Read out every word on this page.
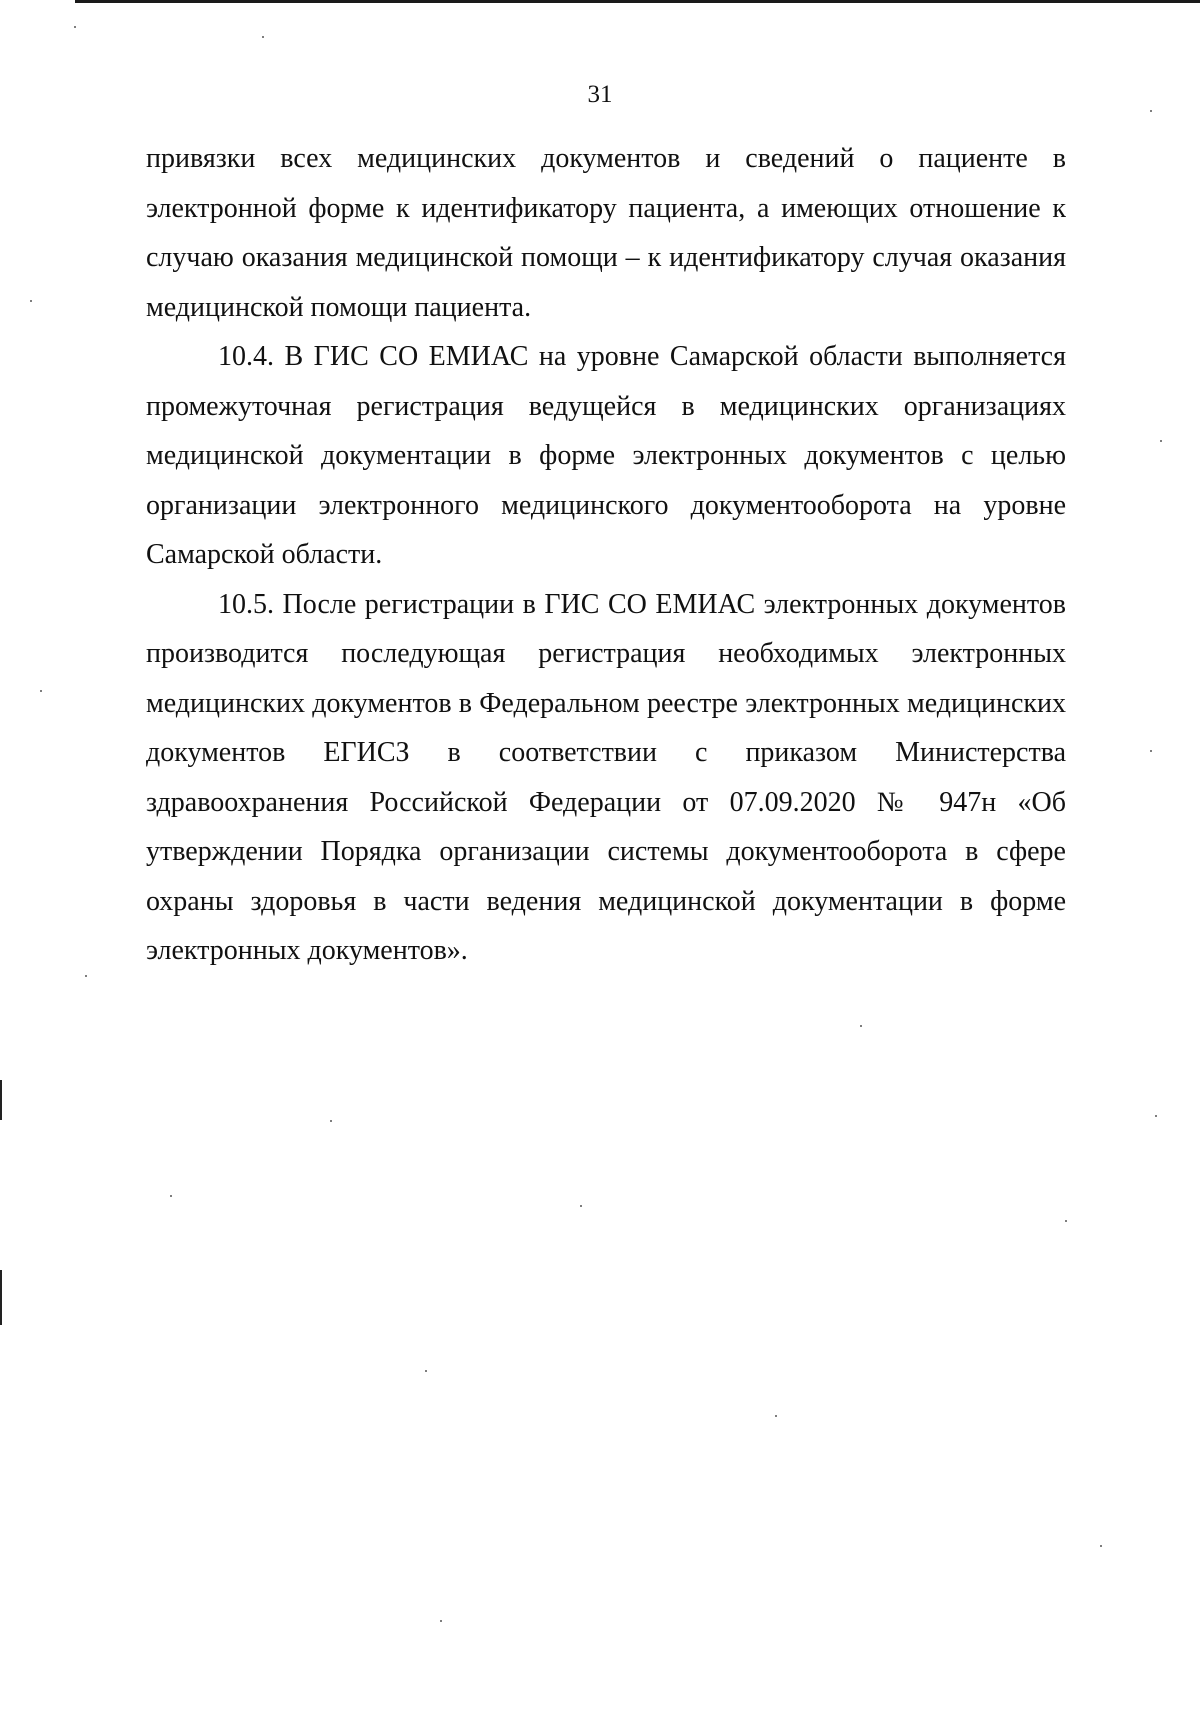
31

привязки всех медицинских документов и сведений о пациенте в электронной форме к идентификатору пациента, а имеющих отношение к случаю оказания медицинской помощи – к идентификатору случая оказания медицинской помощи пациента.

10.4. В ГИС СО ЕМИАС на уровне Самарской области выполняется промежуточная регистрация ведущейся в медицинских организациях медицинской документации в форме электронных документов с целью организации электронного медицинского документооборота на уровне Самарской области.

10.5. После регистрации в ГИС СО ЕМИАС электронных документов производится последующая регистрация необходимых электронных медицинских документов в Федеральном реестре электронных медицинских документов ЕГИСЗ в соответствии с приказом Министерства здравоохранения Российской Федерации от 07.09.2020 № 947н «Об утверждении Порядка организации системы документооборота в сфере охраны здоровья в части ведения медицинской документации в форме электронных документов».
